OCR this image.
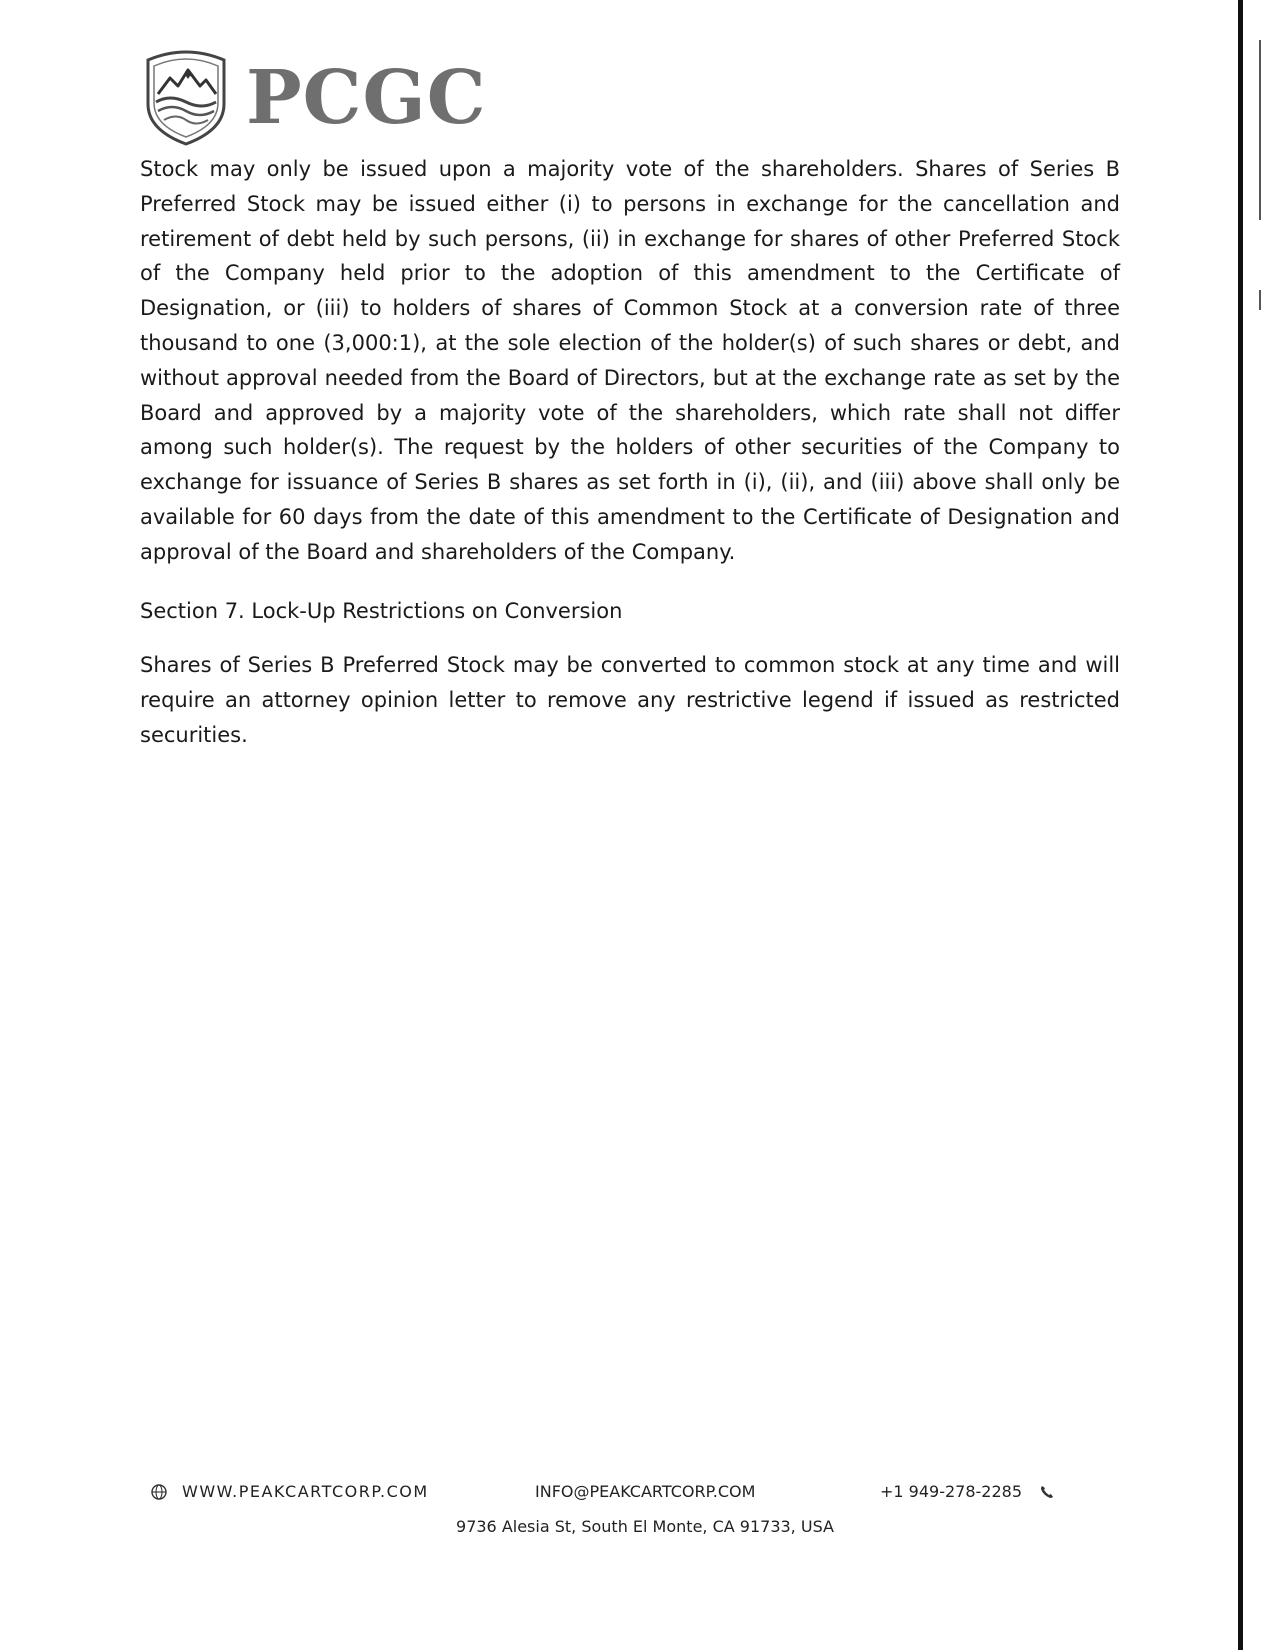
PCGC

Stock may only be issued upon a majority vote of the shareholders. Shares of Series B Preferred Stock may be issued either (i) to persons in exchange for the cancellation and retirement of debt held by such persons, (ii) in exchange for shares of other Preferred Stock of the Company held prior to the adoption of this amendment to the Certificate of Designation, or (iii) to holders of shares of Common Stock at a conversion rate of three thousand to one (3,000:1), at the sole election of the holder(s) of such shares or debt, and without approval needed from the Board of Directors, but at the exchange rate as set by the Board and approved by a majority vote of the shareholders, which rate shall not differ among such holder(s). The request by the holders of other securities of the Company to exchange for issuance of Series B shares as set forth in (i), (ii), and (iii) above shall only be available for 60 days from the date of this amendment to the Certificate of Designation and approval of the Board and shareholders of the Company.

Section 7. Lock-Up Restrictions on Conversion

Shares of Series B Preferred Stock may be converted to common stock at any time and will require an attorney opinion letter to remove any restrictive legend if issued as restricted securities.

WWW.PEAKCARTCORP.COM	INFO@PEAKCARTCORP.COM	+1 949-278-2285
9736 Alesia St, South El Monte, CA 91733, USA
